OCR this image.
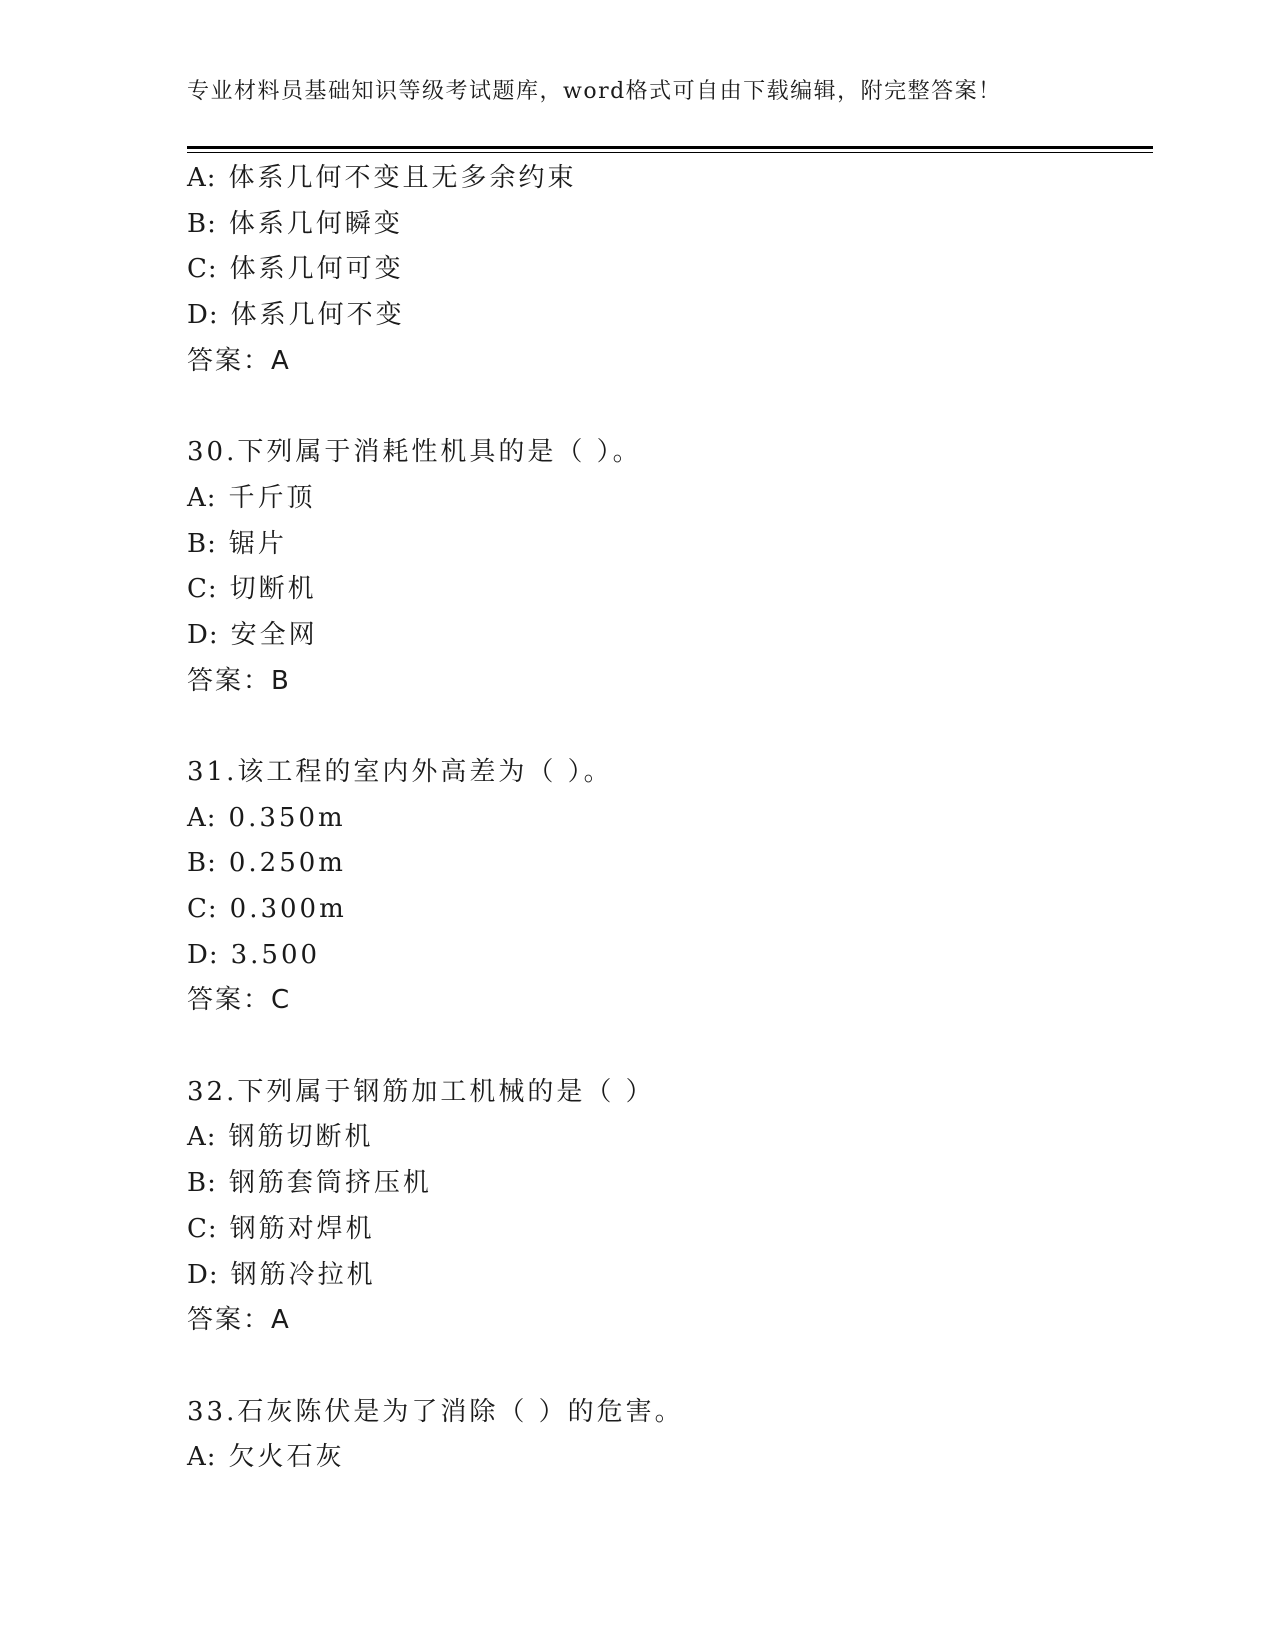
专业材料员基础知识等级考试题库，word格式可自由下载编辑，附完整答案！
A: 体系几何不变且无多余约束
B: 体系几何瞬变
C: 体系几何可变
D: 体系几何不变
答案：A
30.下列属于消耗性机具的是（ ）。
A: 千斤顶
B: 锯片
C: 切断机
D: 安全网
答案：B
31.该工程的室内外高差为（ ）。
A: 0.350m
B: 0.250m
C: 0.300m
D: 3.500
答案：C
32.下列属于钢筋加工机械的是（ ）
A: 钢筋切断机
B: 钢筋套筒挤压机
C: 钢筋对焊机
D: 钢筋冷拉机
答案：A
33.石灰陈伏是为了消除（ ）的危害。
A: 欠火石灰
